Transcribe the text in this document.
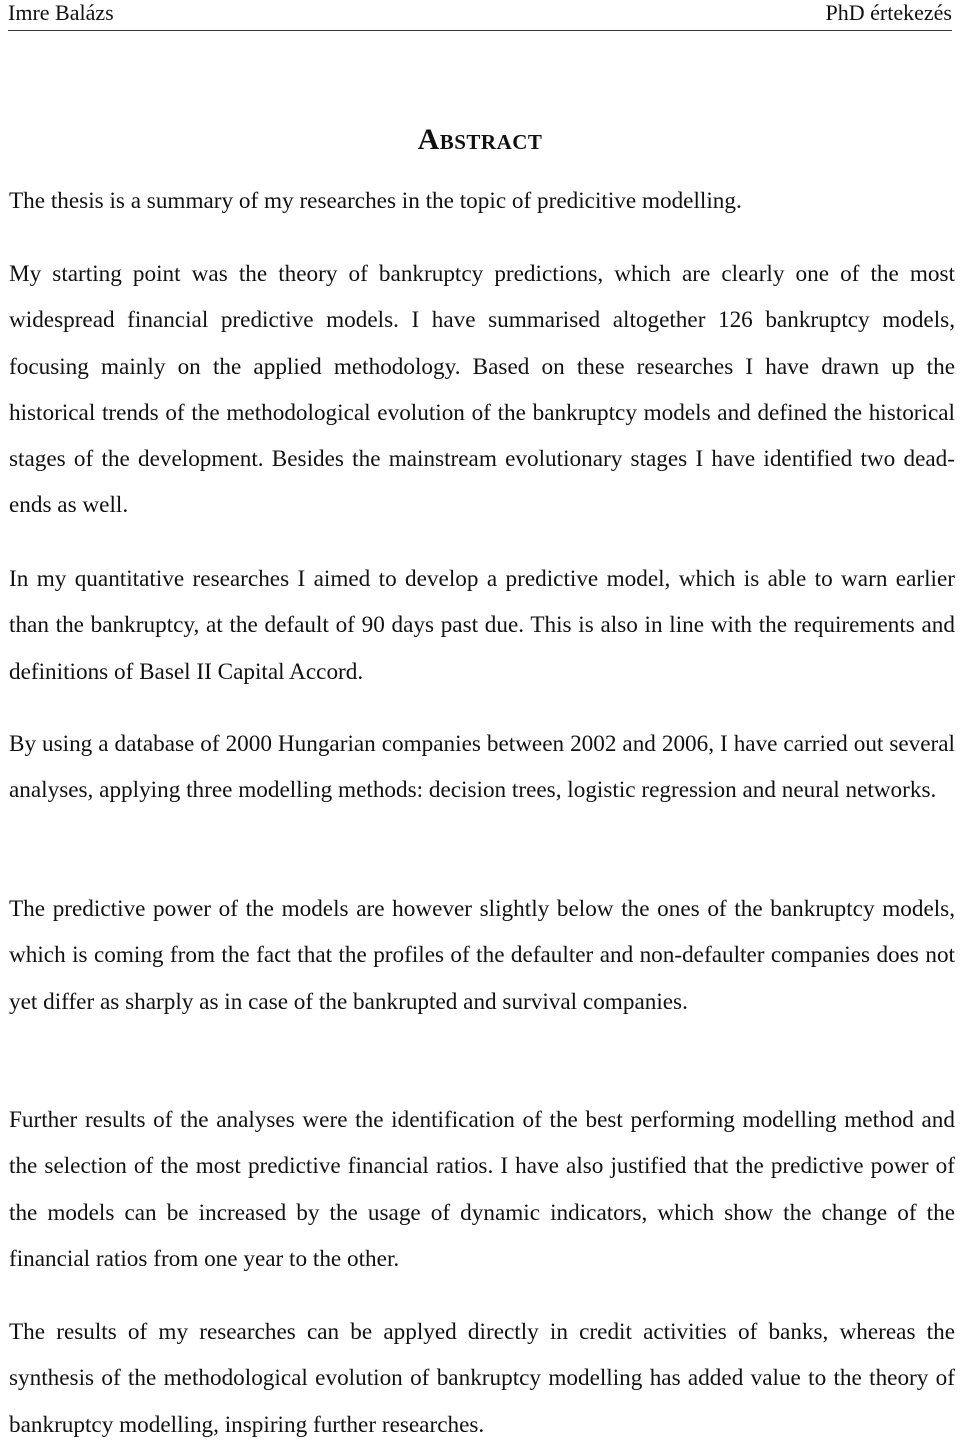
Imre Balázs	PhD értekezés
Abstract

The thesis is a summary of my researches in the topic of predicitive modelling.

My starting point was the theory of bankruptcy predictions, which are clearly one of the most widespread financial predictive models. I have summarised altogether 126 bankruptcy models, focusing mainly on the applied methodology. Based on these researches I have drawn up the historical trends of the methodological evolution of the bankruptcy models and defined the historical stages of the development. Besides the mainstream evolutionary stages I have identified two dead-ends as well.

In my quantitative researches I aimed to develop a predictive model, which is able to warn earlier than the bankruptcy, at the default of 90 days past due. This is also in line with the requirements and definitions of Basel II Capital Accord.

By using a database of 2000 Hungarian companies between 2002 and 2006, I have carried out several analyses, applying three modelling methods: decision trees, logistic regression and neural networks.

The predictive power of the models are however slightly below the ones of the bankruptcy models, which is coming from the fact that the profiles of the defaulter and non-defaulter companies does not yet differ as sharply as in case of the bankrupted and survival companies.

Further results of the analyses were the identification of the best performing modelling method and the selection of the most predictive financial ratios. I have also justified that the predictive power of the models can be increased by the usage of dynamic indicators, which show the change of the financial ratios from one year to the other.

The results of my researches can be applyed directly in credit activities of banks, whereas the synthesis of the methodological evolution of bankruptcy modelling has added value to the theory of bankruptcy modelling, inspiring further researches.
